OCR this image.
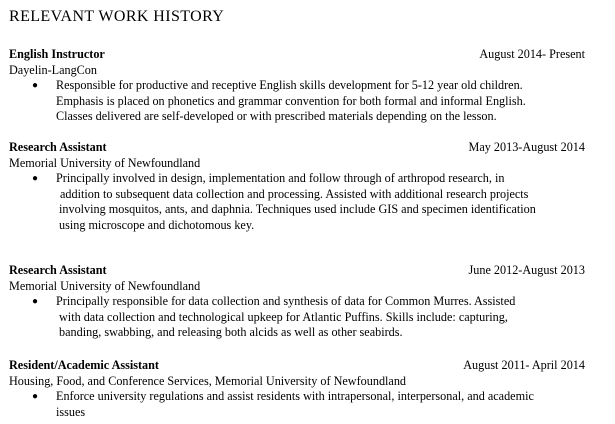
RELEVANT WORK HISTORY
English Instructor	August 2014- Present
Dayelin-LangCon
● Responsible for productive and receptive English skills development for 5-12 year old children.
Emphasis is placed on phonetics and grammar convention for both formal and informal English.
Classes delivered are self-developed or with prescribed materials depending on the lesson.
Research Assistant	May 2013-August 2014
Memorial University of Newfoundland
● Principally involved in design, implementation and follow through of arthropod research, in
addition to subsequent data collection and processing. Assisted with additional research projects
involving mosquitos, ants, and daphnia. Techniques used include GIS and specimen identification
using microscope and dichotomous key.
Research Assistant	June 2012-August 2013
Memorial University of Newfoundland
● Principally responsible for data collection and synthesis of data for Common Murres. Assisted
with data collection and technological upkeep for Atlantic Puffins. Skills include: capturing,
banding, swabbing, and releasing both alcids as well as other seabirds.
Resident/Academic Assistant	August 2011- April 2014
Housing, Food, and Conference Services, Memorial University of Newfoundland
● Enforce university regulations and assist residents with intrapersonal, interpersonal, and academic
issues
